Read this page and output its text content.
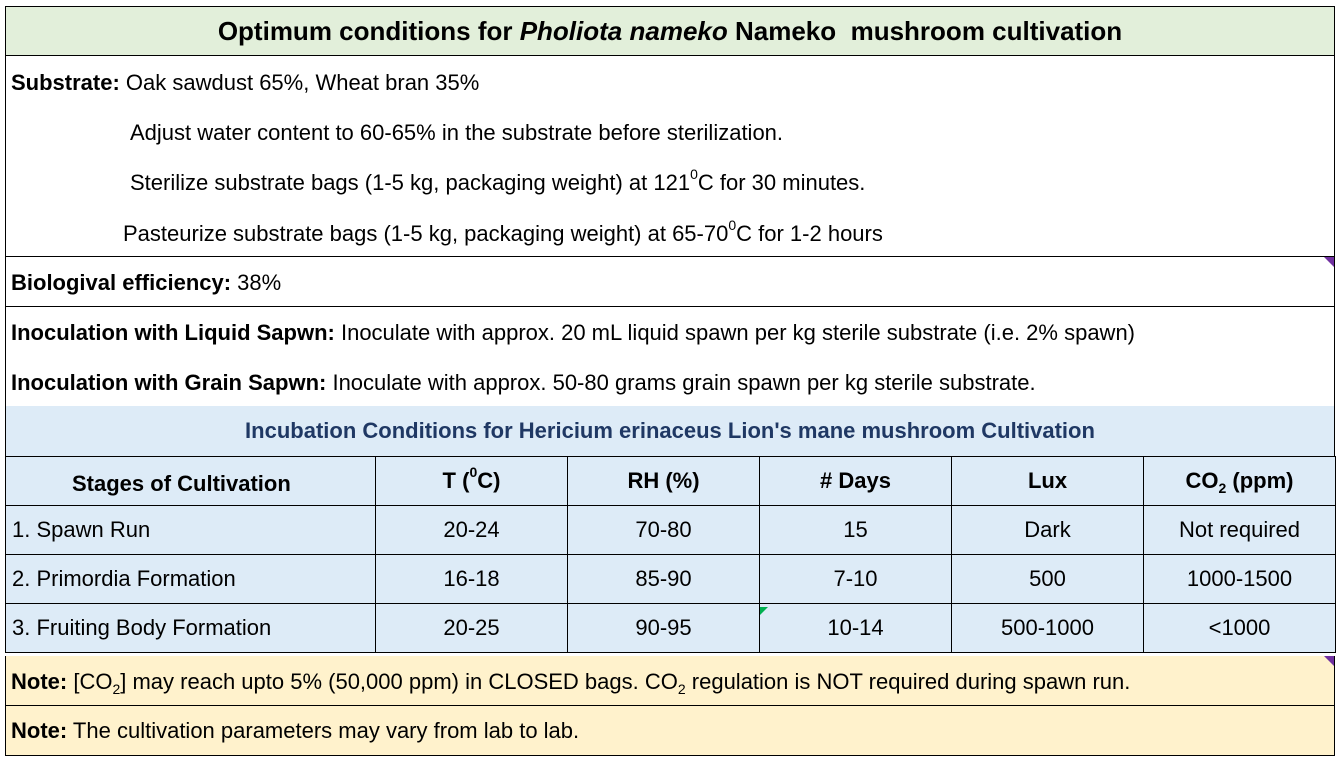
Optimum conditions for Pholiota nameko
Nameko
mushroom cultivation
Substrate: Oak sawdust 65%, Wheat bran 35%
Adjust water content to 60-65% in the substrate before sterilization.
Sterilize substrate bags (1-5 kg, packaging weight) at $121^0C$ for 30 minutes.
Pasteurize substrate bags (1-5 kg, packaging weight) at $65-70^0C$ for 1-2 hours
Biologival efficiency: 38%
Inoculation with Liquid Sapwn: Inoculate with approx. 20 mL liquid spawn per kg sterile substrate (i.e. 2% spawn)
Inoculation with Grain Sapwn: Inoculate with approx. 50-80 grams grain spawn per kg sterile substrate.
Incubation Conditions for Hericium erinaceus Lion's mane mushroom Cultivation
Stages of Cultivation	T ($^0$C)	RH (%)	# Days	Lux	$CO_2$ (ppm)
1. Spawn Run	20-24	70-80	15	Dark	Not required
2. Primordia Formation	16-18	85-90	7-10	500	1000-1500
3. Fruiting Body Formation	20-25	90-95	10-14	500-1000	<1000
Note: $[CO_2]$ may reach upto 5% (50,000 ppm) in CLOSED bags. $CO_2$ regulation is NOT required during spawn run.
Note: The cultivation parameters may vary from lab to lab.
